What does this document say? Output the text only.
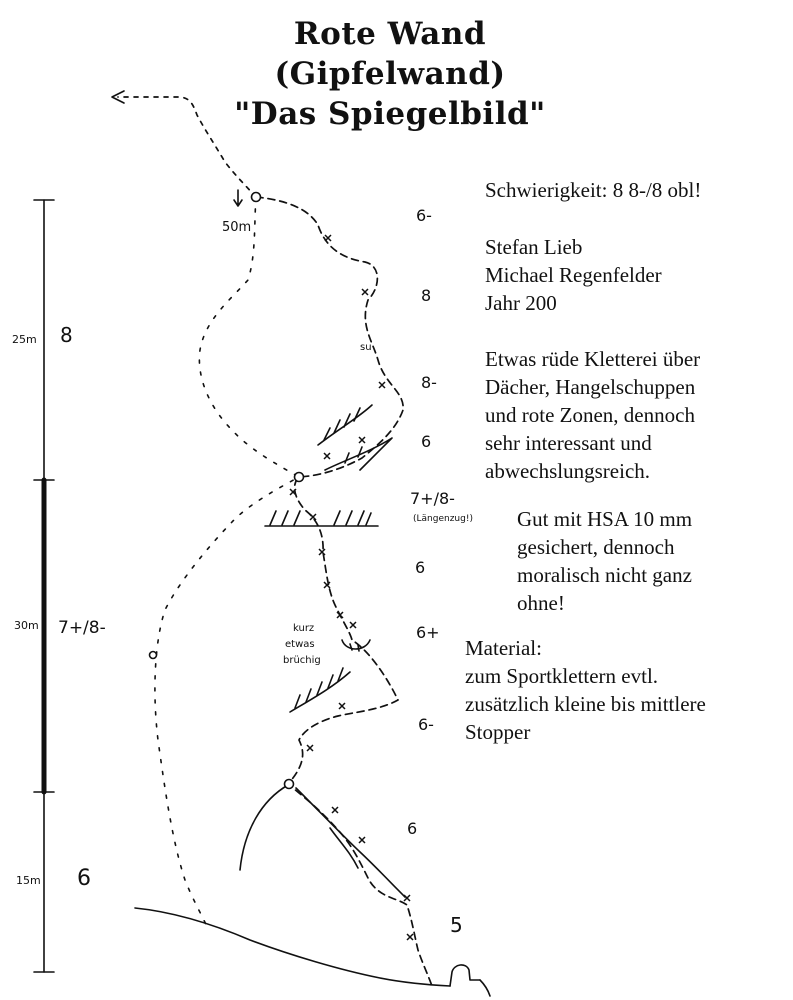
Rote Wand
(Gipfelwand)
"Das Spiegelbild"
Schwierigkeit: 8 8-/8 obl!
Stefan Lieb
Michael Regenfelder
Jahr 200
Etwas rüde Kletterei über
Dächer, Hangelschuppen
und rote Zonen, dennoch
sehr interessant und
abwechslungsreich.
Gut mit HSA 10 mm
gesichert, dennoch
moralisch nicht ganz
ohne!
Material:
zum Sportklettern evtl.
zusätzlich kleine bis mittlere
Stopper
50m
su
(Längenzug!)
kurz
etwas
brüchig
6-
8
8-
6
7+/8-
6
6+
6-
6
5
25m 8
30m 7+/8-
15m 6
